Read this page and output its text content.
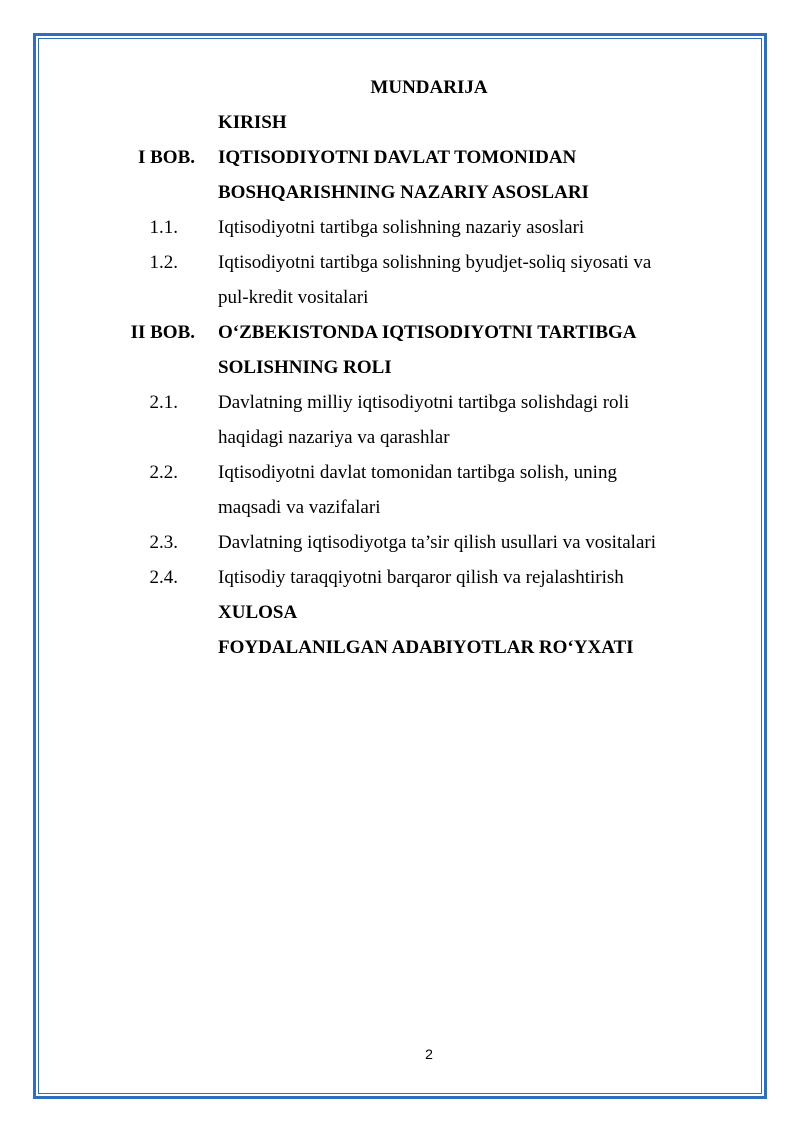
MUNDARIJA
KIRISH
I BOB. IQTISODIYOTNI DAVLAT TOMONIDAN
BOSHQARISHNING NAZARIY ASOSLARI
1.1. Iqtisodiyotni tartibga solishning nazariy asoslari
1.2. Iqtisodiyotni tartibga solishning byudjet-soliq siyosati va
pul-kredit vositalari
II BOB. O‘ZBEKISTONDA IQTISODIYOTNI TARTIBGA
SOLISHNING ROLI
2.1. Davlatning milliy iqtisodiyotni tartibga solishdagi roli
haqidagi nazariya va qarashlar
2.2. Iqtisodiyotni davlat tomonidan tartibga solish, uning
maqsadi va vazifalari
2.3. Davlatning iqtisodiyotga ta’sir qilish usullari va vositalari
2.4. Iqtisodiy taraqqiyotni barqaror qilish va rejalashtirish
XULOSA
FOYDALANILGAN ADABIYOTLAR RO‘YXATI
2
